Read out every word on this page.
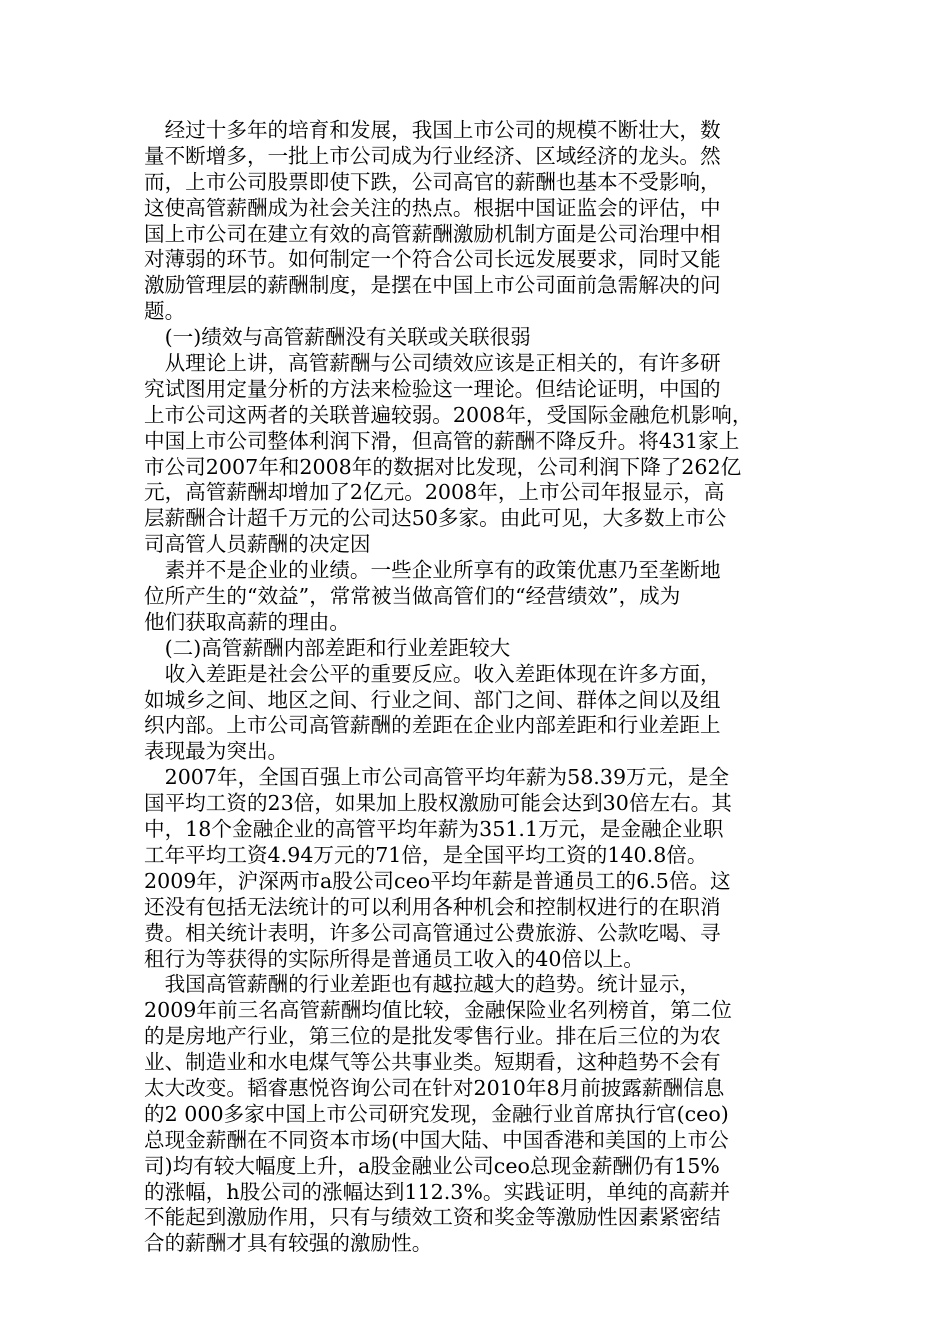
　经过十多年的培育和发展，我国上市公司的规模不断壮大，数
量不断增多，一批上市公司成为行业经济、区域经济的龙头。然
而，上市公司股票即使下跌，公司高官的薪酬也基本不受影响，
这使高管薪酬成为社会关注的热点。根据中国证监会的评估，中
国上市公司在建立有效的高管薪酬激励机制方面是公司治理中相
对薄弱的环节。如何制定一个符合公司长远发展要求，同时又能
激励管理层的薪酬制度，是摆在中国上市公司面前急需解决的问
题。
　(一)绩效与高管薪酬没有关联或关联很弱
　从理论上讲，高管薪酬与公司绩效应该是正相关的，有许多研
究试图用定量分析的方法来检验这一理论。但结论证明，中国的
上市公司这两者的关联普遍较弱。2008年，受国际金融危机影响，
中国上市公司整体利润下滑，但高管的薪酬不降反升。将431家上
市公司2007年和2008年的数据对比发现，公司利润下降了262亿
元，高管薪酬却增加了2亿元。2008年，上市公司年报显示，高
层薪酬合计超千万元的公司达50多家。由此可见，大多数上市公
司高管人员薪酬的决定因
　素并不是企业的业绩。一些企业所享有的政策优惠乃至垄断地
位所产生的“效益”，常常被当做高管们的“经营绩效”，成为
他们获取高薪的理由。
　(二)高管薪酬内部差距和行业差距较大
　收入差距是社会公平的重要反应。收入差距体现在许多方面，
如城乡之间、地区之间、行业之间、部门之间、群体之间以及组
织内部。上市公司高管薪酬的差距在企业内部差距和行业差距上
表现最为突出。
　2007年，全国百强上市公司高管平均年薪为58.39万元，是全
国平均工资的23倍，如果加上股权激励可能会达到30倍左右。其
中，18个金融企业的高管平均年薪为351.1万元，是金融企业职
工年平均工资4.94万元的71倍，是全国平均工资的140.8倍。
2009年，沪深两市a股公司ceo平均年薪是普通员工的6.5倍。这
还没有包括无法统计的可以利用各种机会和控制权进行的在职消
费。相关统计表明，许多公司高管通过公费旅游、公款吃喝、寻
租行为等获得的实际所得是普通员工收入的40倍以上。
　我国高管薪酬的行业差距也有越拉越大的趋势。统计显示，
2009年前三名高管薪酬均值比较，金融保险业名列榜首，第二位
的是房地产行业，第三位的是批发零售行业。排在后三位的为农
业、制造业和水电煤气等公共事业类。短期看，这种趋势不会有
太大改变。韬睿惠悦咨询公司在针对2010年8月前披露薪酬信息
的2 000多家中国上市公司研究发现，金融行业首席执行官(ceo)
总现金薪酬在不同资本市场(中国大陆、中国香港和美国的上市公
司)均有较大幅度上升，a股金融业公司ceo总现金薪酬仍有15%
的涨幅，h股公司的涨幅达到112.3%。实践证明，单纯的高薪并
不能起到激励作用，只有与绩效工资和奖金等激励性因素紧密结
合的薪酬才具有较强的激励性。
